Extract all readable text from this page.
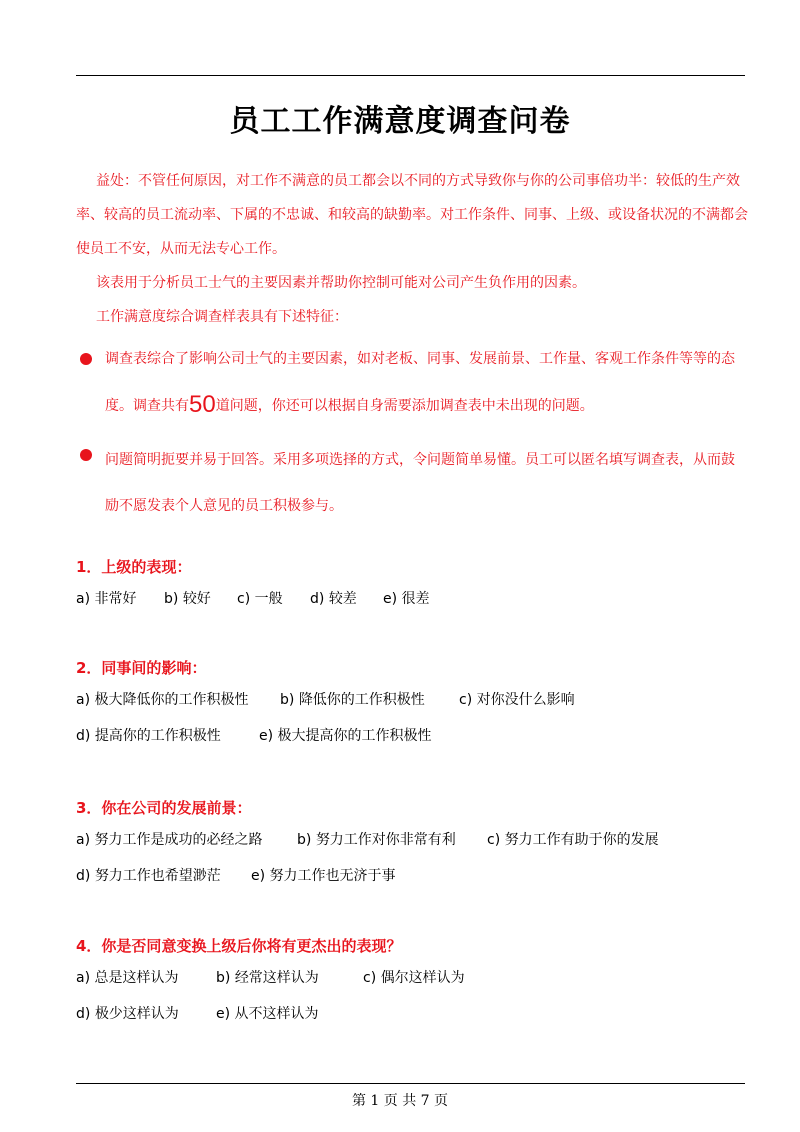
员工工作满意度调查问卷

益处：不管任何原因，对工作不满意的员工都会以不同的方式导致你与你的公司事倍功半：较低的生产效率、较高的员工流动率、下属的不忠诚、和较高的缺勤率。对工作条件、同事、上级、或设备状况的不满都会使员工不安，从而无法专心工作。

该表用于分析员工士气的主要因素并帮助你控制可能对公司产生负作用的因素。

工作满意度综合调查样表具有下述特征：

调查表综合了影响公司士气的主要因素，如对老板、同事、发展前景、工作量、客观工作条件等等的态度。调查共有50道问题，你还可以根据自身需要添加调查表中未出现的问题。
问题简明扼要并易于回答。采用多项选择的方式，令问题简单易懂。员工可以匿名填写调查表，从而鼓励不愿发表个人意见的员工积极参与。
1．上级的表现：
a) 非常好	b) 较好	c) 一般	d) 较差	e) 很差
2．同事间的影响：
a) 极大降低你的工作积极性	b) 降低你的工作积极性	c) 对你没什么影响
d) 提高你的工作积极性	e) 极大提高你的工作积极性
3．你在公司的发展前景：
a) 努力工作是成功的必经之路	b) 努力工作对你非常有利	c) 努力工作有助于你的发展
d) 努力工作也希望渺茫	e) 努力工作也无济于事
4．你是否同意变换上级后你将有更杰出的表现？
a) 总是这样认为	b) 经常这样认为	c) 偶尔这样认为
d) 极少这样认为	e) 从不这样认为
第 1 页 共 7 页
